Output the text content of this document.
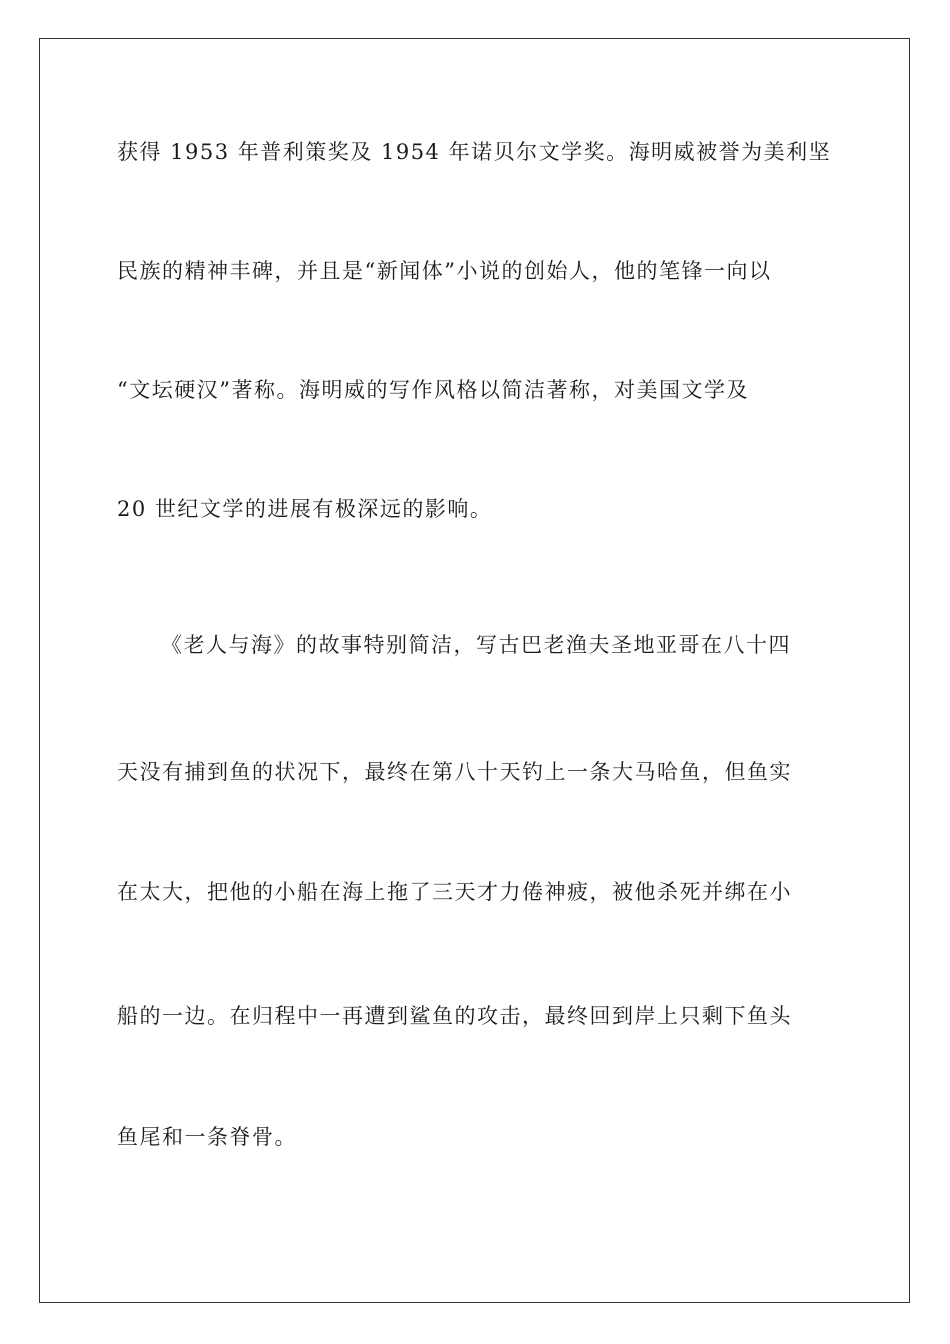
获得 1953 年普利策奖及 1954 年诺贝尔文学奖。海明威被誉为美利坚
民族的精神丰碑，并且是“新闻体”小说的创始人，他的笔锋一向以
“文坛硬汉”著称。海明威的写作风格以简洁著称，对美国文学及
20 世纪文学的进展有极深远的影响。
《老人与海》的故事特别简洁，写古巴老渔夫圣地亚哥在八十四
天没有捕到鱼的状况下，最终在第八十天钓上一条大马哈鱼，但鱼实
在太大，把他的小船在海上拖了三天才力倦神疲，被他杀死并绑在小
船的一边。在归程中一再遭到鲨鱼的攻击，最终回到岸上只剩下鱼头
鱼尾和一条脊骨。
